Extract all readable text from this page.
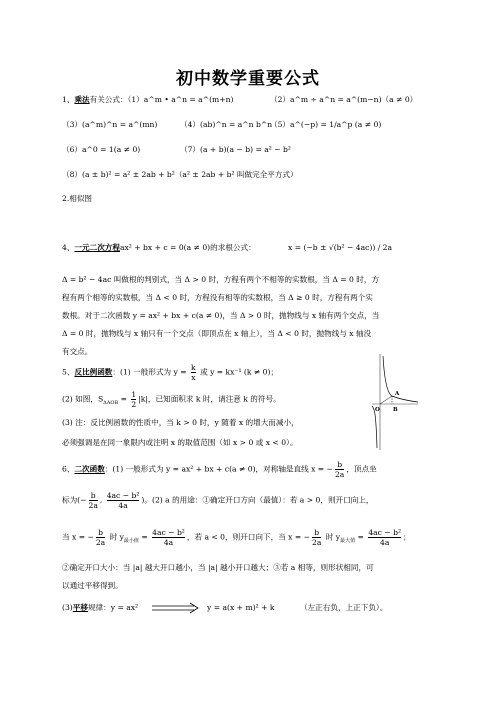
初中数学重要公式
1、乘法有关公式：（1）a^m • a^n = a^(m+n)	（2）a^m ÷ a^n = a^(m−n)（a ≠ 0）
（3）(a^m)^n = a^(mn)	（4）(ab)^n = a^n b^n
（5）a^(−p) = 1/a^p (a ≠ 0)
（6）a^0 = 1(a ≠ 0)	（7）(a + b)(a − b) = a² − b²
（8）(a ± b)² = a² ± 2ab + b²（a² ± 2ab + b² 叫做完全平方式）
2.相似图
4、一元二次方程ax² + bx + c = 0(a ≠ 0)的求根公式：	x = (−b ± √(b² − 4ac)) / 2a
Δ = b² − 4ac 叫做根的判别式，当 Δ > 0 时，方程有两个不相等的实数根，当 Δ = 0 时，方
程有两个相等的实数根，当 Δ < 0 时，方程没有相等的实数根，当 Δ ≥ 0 时，方程有两个实
数根。对于二次函数 y = ax² + bx + c(a ≠ 0)，当 Δ > 0 时，抛物线与 x 轴有两个交点，当
Δ = 0 时，抛物线与 x 轴只有一个交点（即顶点在 x 轴上），当 Δ < 0 时，抛物线与 x 轴没
有交点。
5、反比例函数：(1) 一般形式为 $y = \frac{k}{x}$ 或 y = kx⁻¹ (k ≠ 0)；
(2) 如图，$S_{\Delta AOB} = \frac{1}{2} |k|$，已知面积求 k 时，请注意 k 的符号。
(3) 注：反比例函数的性质中，当 k > 0 时，y 随着 x 的增大而减小，
必须强调是在同一象限内或注明 x 的取值范围（如 x > 0 或 x < 0）。
A
O B
6、二次函数：(1) 一般形式为 y = ax² + bx + c(a ≠ 0)，对称轴是直线 x = − $\frac{b}{2a}$ ，顶点坐
标为(− $\frac{b}{2a}$ , $\frac{\text{4ac − b²}}{4a}$ )。(2) a 的用途：①确定开口方向（最值）：若 a > 0，则开口向上，
当 x = − $\frac{b}{2a}$ 时 $y_{最小值} = \frac{\text{4ac − b²}}{4a}$ ，若 a < 0，则开口向下，当 x = − $\frac{b}{2a}$ 时 $y_{最大值} = \frac{\text{4ac − b²}}{4a}$ ；
②确定开口大小：当 |a| 越大开口越小，当 |a| 越小开口越大；③若 a 相等，则形状相同，可
以通过平移得到。
(3)平移规律：y = ax²	y = a(x + m)² + k	（左正右负，上正下负）。
